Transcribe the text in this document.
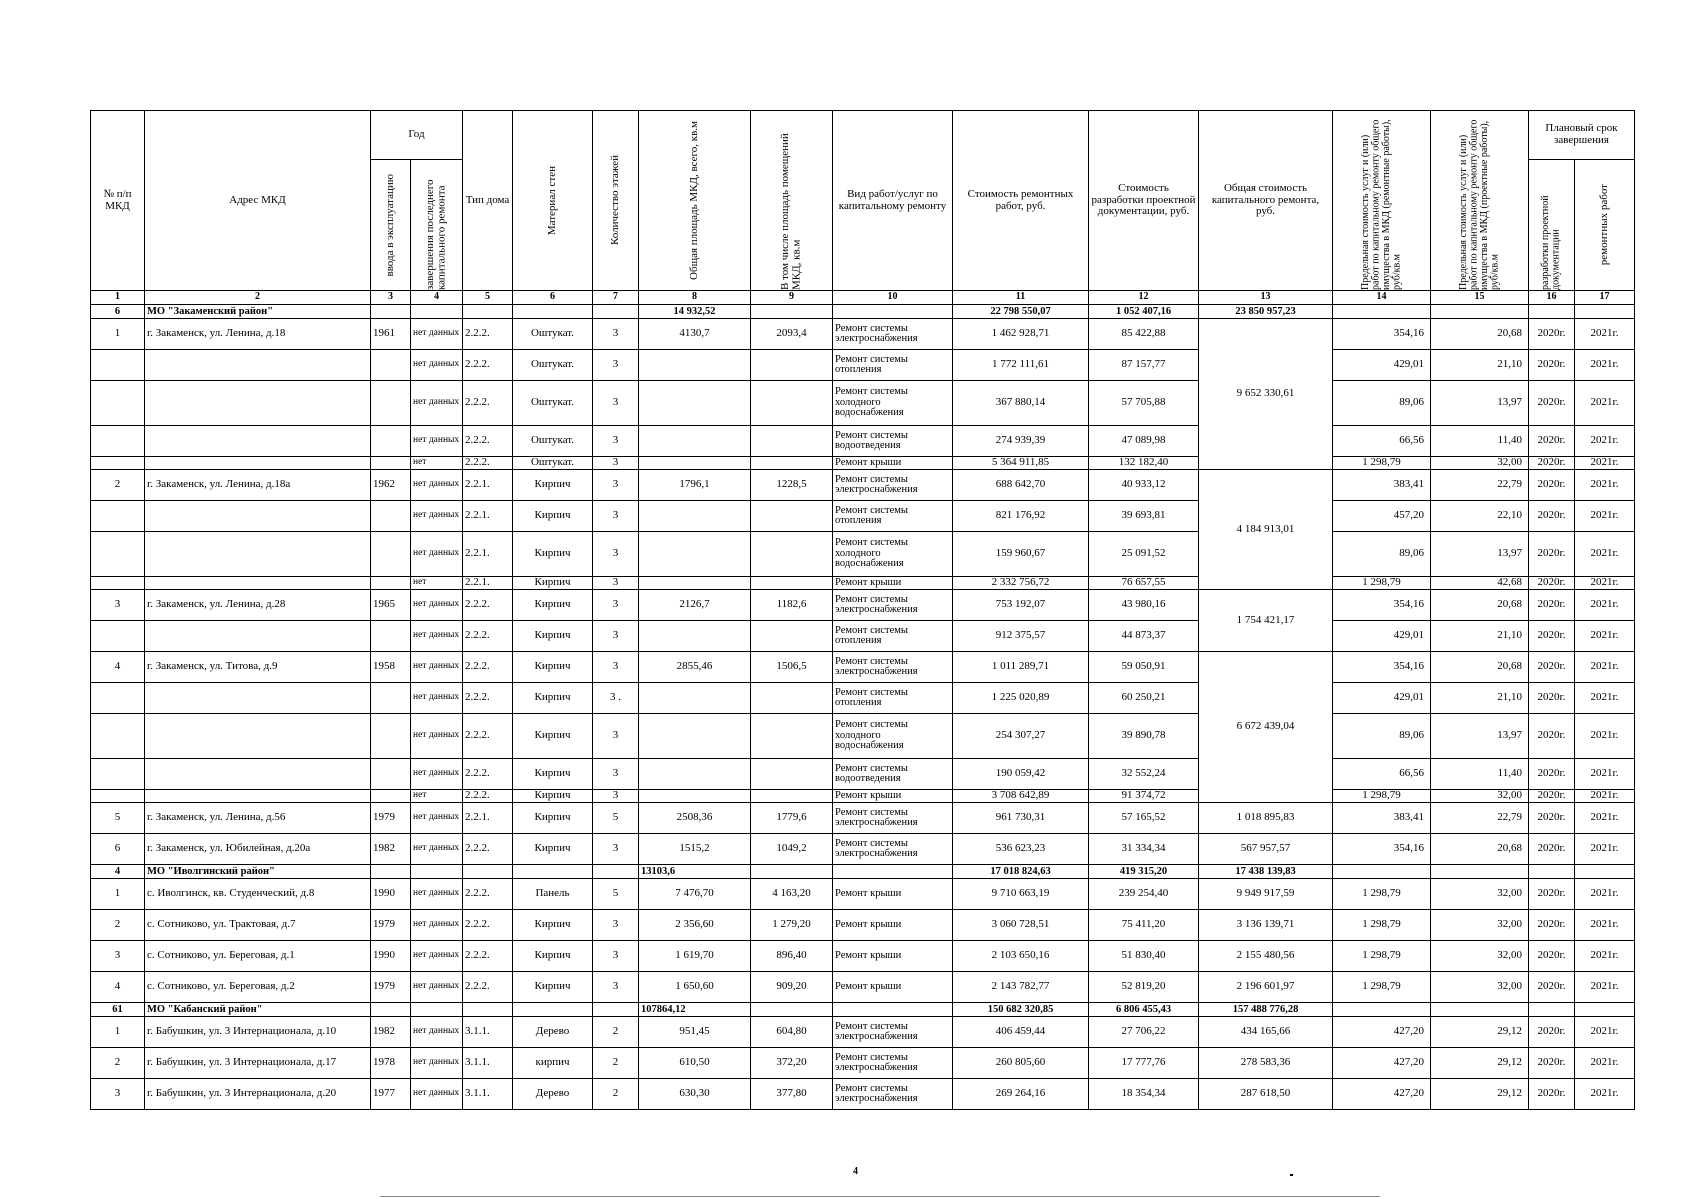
№ п/п МКД	Адрес МКД	Год		Тип дома	Материал стен	Количество этажей	Общая площадь МКД, всего, кв.м	В том числе площадь помещений МКД, кв.м	Вид работ/услуг по капитальному ремонту	Стоимость ремонтных работ, руб.	Стоимость разработки проектной документации, руб.	Общая стоимость капитального ремонта, руб.	Предельная стоимость услуг и (или) работ по капитальному ремонту общего имущества в МКД (ремонтные работы), руб/кв.м	Предельная стоимость услуг и (или) работ по капитальному ремонту общего имущества в МКД (проектные работы), руб/кв.м	Плановый срок завершения	

		ввода в эксплуатацию	завершения последнего капитального ремонта												разработки проектной документации	ремонтных работ

1	2	3	4	5	6	7	8	9	10	11	12	13	14	15	16	17
6	МО "Закаменский район"						14 932,52			22 798 550,07	1 052 407,16	23 850 957,23				
1	г. Закаменск, ул. Ленина, д.18	1961	нет данных	2.2.2.	Оштукат.	3	4130,7	2093,4	Ремонт системы электроснабжения	1 462 928,71	85 422,88	9 652 330,61	354,16	20,68	2020г.	2021г.
			нет данных	2.2.2.	Оштукат.	3			Ремонт системы отопления	1 772 111,61	87 157,77		429,01	21,10	2020г.	2021г.
			нет данных	2.2.2.	Оштукат.	3			Ремонт системы холодного водоснабжения	367 880,14	57 705,88		89,06	13,97	2020г.	2021г.
			нет данных	2.2.2.	Оштукат.	3			Ремонт системы водоотведения	274 939,39	47 089,98		66,56	11,40	2020г.	2021г.
			нет	2.2.2.	Оштукат.	3			Ремонт крыши	5 364 911,85	132 182,40		1 298,79	32,00	2020г.	2021г.
2	г. Закаменск, ул. Ленина, д.18а	1962	нет данных	2.2.1.	Кирпич	3	1796,1	1228,5	Ремонт системы электроснабжения	688 642,70	40 933,12	4 184 913,01	383,41	22,79	2020г.	2021г.
			нет данных	2.2.1.	Кирпич	3			Ремонт системы отопления	821 176,92	39 693,81		457,20	22,10	2020г.	2021г.
			нет данных	2.2.1.	Кирпич	3			Ремонт системы холодного водоснабжения	159 960,67	25 091,52		89,06	13,97	2020г.	2021г.
			нет	2.2.1.	Кирпич	3			Ремонт крыши	2 332 756,72	76 657,55		1 298,79	42,68	2020г.	2021г.
3	г. Закаменск, ул. Ленина, д.28	1965	нет данных	2.2.2.	Кирпич	3	2126,7	1182,6	Ремонт системы электроснабжения	753 192,07	43 980,16	1 754 421,17	354,16	20,68	2020г.	2021г.
			нет данных	2.2.2.	Кирпич	3			Ремонт системы отопления	912 375,57	44 873,37		429,01	21,10	2020г.	2021г.
4	г. Закаменск, ул. Титова, д.9	1958	нет данных	2.2.2.	Кирпич	3	2855,46	1506,5	Ремонт системы электроснабжения	1 011 289,71	59 050,91	6 672 439,04	354,16	20,68	2020г.	2021г.
			нет данных	2.2.2.	Кирпич	3 .			Ремонт системы отопления	1 225 020,89	60 250,21		429,01	21,10	2020г.	2021г.
			нет данных	2.2.2.	Кирпич	3			Ремонт системы холодного водоснабжения	254 307,27	39 890,78		89,06	13,97	2020г.	2021г.
			нет данных	2.2.2.	Кирпич	3			Ремонт системы водоотведения	190 059,42	32 552,24		66,56	11,40	2020г.	2021г.
			нет	2.2.2.	Кирпич	3			Ремонт крыши	3 708 642,89	91 374,72		1 298,79	32,00	2020г.	2021г.
5	г. Закаменск, ул. Ленина, д.56	1979	нет данных	2.2.1.	Кирпич	5	2508,36	1779,6	Ремонт системы электроснабжения	961 730,31	57 165,52	1 018 895,83	383,41	22,79	2020г.	2021г.
6	г. Закаменск, ул. Юбилейная, д.20а	1982	нет данных	2.2.2.	Кирпич	3	1515,2	1049,2	Ремонт системы электроснабжения	536 623,23	31 334,34	567 957,57	354,16	20,68	2020г.	2021г.
4	МО "Иволгинский район"						13103,6			17 018 824,63	419 315,20	17 438 139,83				
1	с. Иволгинск, кв. Студенческий, д.8	1990	нет данных	2.2.2.	Панель	5	7 476,70	4 163,20	Ремонт крыши	9 710 663,19	239 254,40	9 949 917,59	1 298,79	32,00	2020г.	2021г.
2	с. Сотниково, ул. Трактовая, д.7	1979	нет данных	2.2.2.	Кирпич	3	2 356,60	1 279,20	Ремонт крыши	3 060 728,51	75 411,20	3 136 139,71	1 298,79	32,00	2020г.	2021г.
3	с. Сотниково, ул. Береговая, д.1	1990	нет данных	2.2.2.	Кирпич	3	1 619,70	896,40	Ремонт крыши	2 103 650,16	51 830,40	2 155 480,56	1 298,79	32,00	2020г.	2021г.
4	с. Сотниково, ул. Береговая, д.2	1979	нет данных	2.2.2.	Кирпич	3	1 650,60	909,20	Ремонт крыши	2 143 782,77	52 819,20	2 196 601,97	1 298,79	32,00	2020г.	2021г.
61	МО "Кабанский район"						107864,12			150 682 320,85	6 806 455,43	157 488 776,28				
1	г. Бабушкин, ул. 3 Интернационала, д.10	1982	нет данных	3.1.1.	Дерево	2	951,45	604,80	Ремонт системы электроснабжения	406 459,44	27 706,22	434 165,66	427,20	29,12	2020г.	2021г.
2	г. Бабушкин, ул. 3 Интернационала, д.17	1978	нет данных	3.1.1.	кирпич	2	610,50	372,20	Ремонт системы электроснабжения	260 805,60	17 777,76	278 583,36	427,20	29,12	2020г.	2021г.
3	г. Бабушкин, ул. 3 Интернационала, д.20	1977	нет данных	3.1.1.	Дерево	2	630,30	377,80	Ремонт системы электроснабжения	269 264,16	18 354,34	287 618,50	427,20	29,12	2020г.	2021г.
4
